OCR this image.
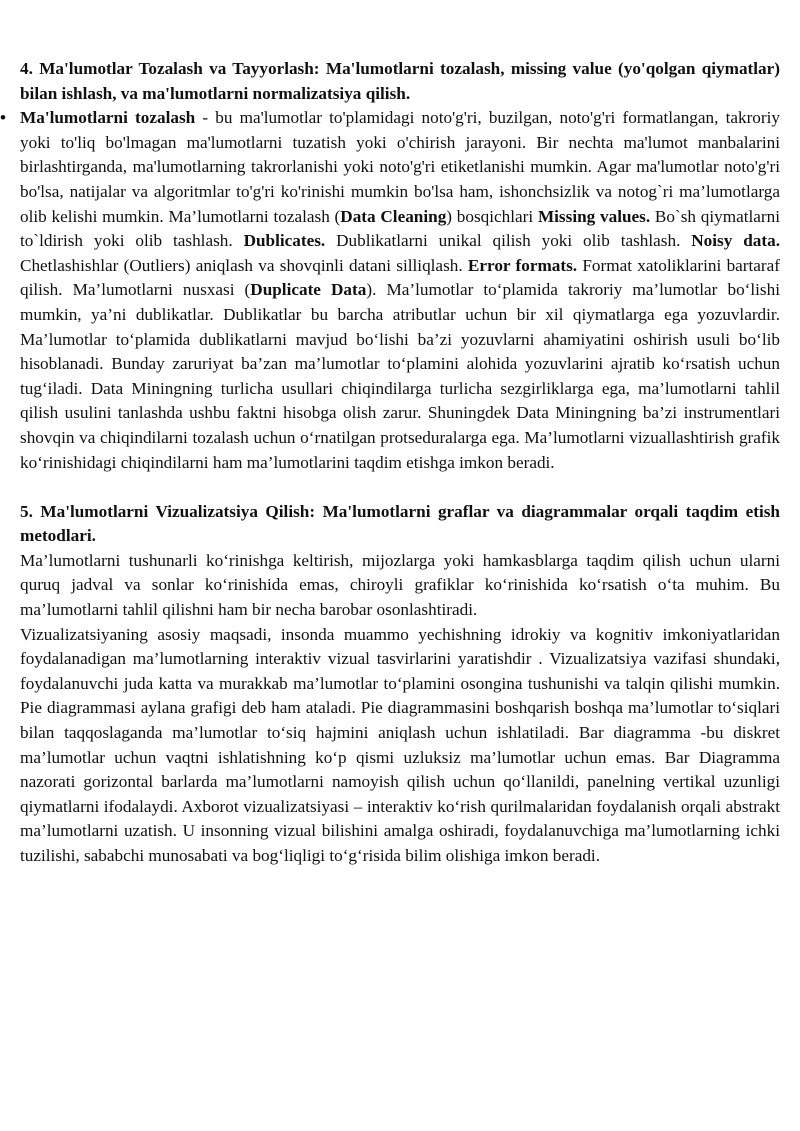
4. Ma'lumotlar Tozalash va Tayyorlash: Ma'lumotlarni tozalash, missing value (yo'qolgan qiymatlar) bilan ishlash, va ma'lumotlarni normalizatsiya qilish.

• Ma'lumotlarni tozalash - bu ma'lumotlar to'plamidagi noto'g'ri, buzilgan, noto'g'ri formatlangan, takroriy yoki to'liq bo'lmagan ma'lumotlarni tuzatish yoki o'chirish jarayoni. Bir nechta ma'lumot manbalarini birlashtirganda, ma'lumotlarning takrorlanishi yoki noto'g'ri etiketlanishi mumkin. Agar ma'lumotlar noto'g'ri bo'lsa, natijalar va algoritmlar to'g'ri ko'rinishi mumkin bo'lsa ham, ishonchsizlik va notog`ri ma’lumotlarga olib kelishi mumkin. Ma’lumotlarni tozalash (Data Cleaning) bosqichlari Missing values. Bo`sh qiymatlarni to`ldirish yoki olib tashlash. Dublicates. Dublikatlarni unikal qilish yoki olib tashlash. Noisy data. Chetlashishlar (Outliers) aniqlash va shovqinli datani silliqlash. Error formats. Format xatoliklarini bartaraf qilish. Ma’lumotlarni nusxasi (Duplicate Data). Ma’lumotlar to‘plamida takroriy ma’lumotlar bo‘lishi mumkin, ya’ni dublikatlar. Dublikatlar bu barcha atributlar uchun bir xil qiymatlarga ega yozuvlardir. Ma’lumotlar to‘plamida dublikatlarni mavjud bo‘lishi ba’zi yozuvlarni ahamiyatini oshirish usuli bo‘lib hisoblanadi. Bunday zaruriyat ba’zan ma’lumotlar to‘plamini alohida yozuvlarini ajratib ko‘rsatish uchun tug‘iladi. Data Miningning turlicha usullari chiqindilarga turlicha sezgirliklarga ega, ma’lumotlarni tahlil qilish usulini tanlashda ushbu faktni hisobga olish zarur. Shuningdek Data Miningning ba’zi instrumentlari shovqin va chiqindilarni tozalash uchun o‘rnatilgan protseduralarga ega. Ma’lumotlarni vizuallashtirish grafik ko‘rinishidagi chiqindilarni ham ma’lumotlarini taqdim etishga imkon beradi.

5. Ma'lumotlarni Vizualizatsiya Qilish: Ma'lumotlarni graflar va diagrammalar orqali taqdim etish metodlari.

Ma’lumotlarni tushunarli ko‘rinishga keltirish, mijozlarga yoki hamkasblarga taqdim qilish uchun ularni quruq jadval va sonlar ko‘rinishida emas, chiroyli grafiklar ko‘rinishida ko‘rsatish o‘ta muhim. Bu ma’lumotlarni tahlil qilishni ham bir necha barobar osonlashtiradi.

Vizualizatsiyaning asosiy maqsadi, insonda muammo yechishning idrokiy va kognitiv imkoniyatlaridan foydalanadigan ma’lumotlarning interaktiv vizual tasvirlarini yaratishdir . Vizualizatsiya vazifasi shundaki, foydalanuvchi juda katta va murakkab ma’lumotlar to‘plamini osongina tushunishi va talqin qilishi mumkin. Pie diagrammasi aylana grafigi deb ham ataladi. Pie diagrammasini boshqarish boshqa ma’lumotlar to‘siqlari bilan taqqoslaganda ma’lumotlar to‘siq hajmini aniqlash uchun ishlatiladi. Bar diagramma -bu diskret ma’lumotlar uchun vaqtni ishlatishning ko‘p qismi uzluksiz ma’lumotlar uchun emas. Bar Diagramma nazorati gorizontal barlarda ma’lumotlarni namoyish qilish uchun qo‘llanildi, panelning vertikal uzunligi qiymatlarni ifodalaydi. Axborot vizualizatsiyasi – interaktiv ko‘rish qurilmalaridan foydalanish orqali abstrakt ma’lumotlarni uzatish. U insonning vizual bilishini amalga oshiradi, foydalanuvchiga ma’lumotlarning ichki tuzilishi, sababchi munosabati va bog‘liqligi to‘g‘risida bilim olishiga imkon beradi.
